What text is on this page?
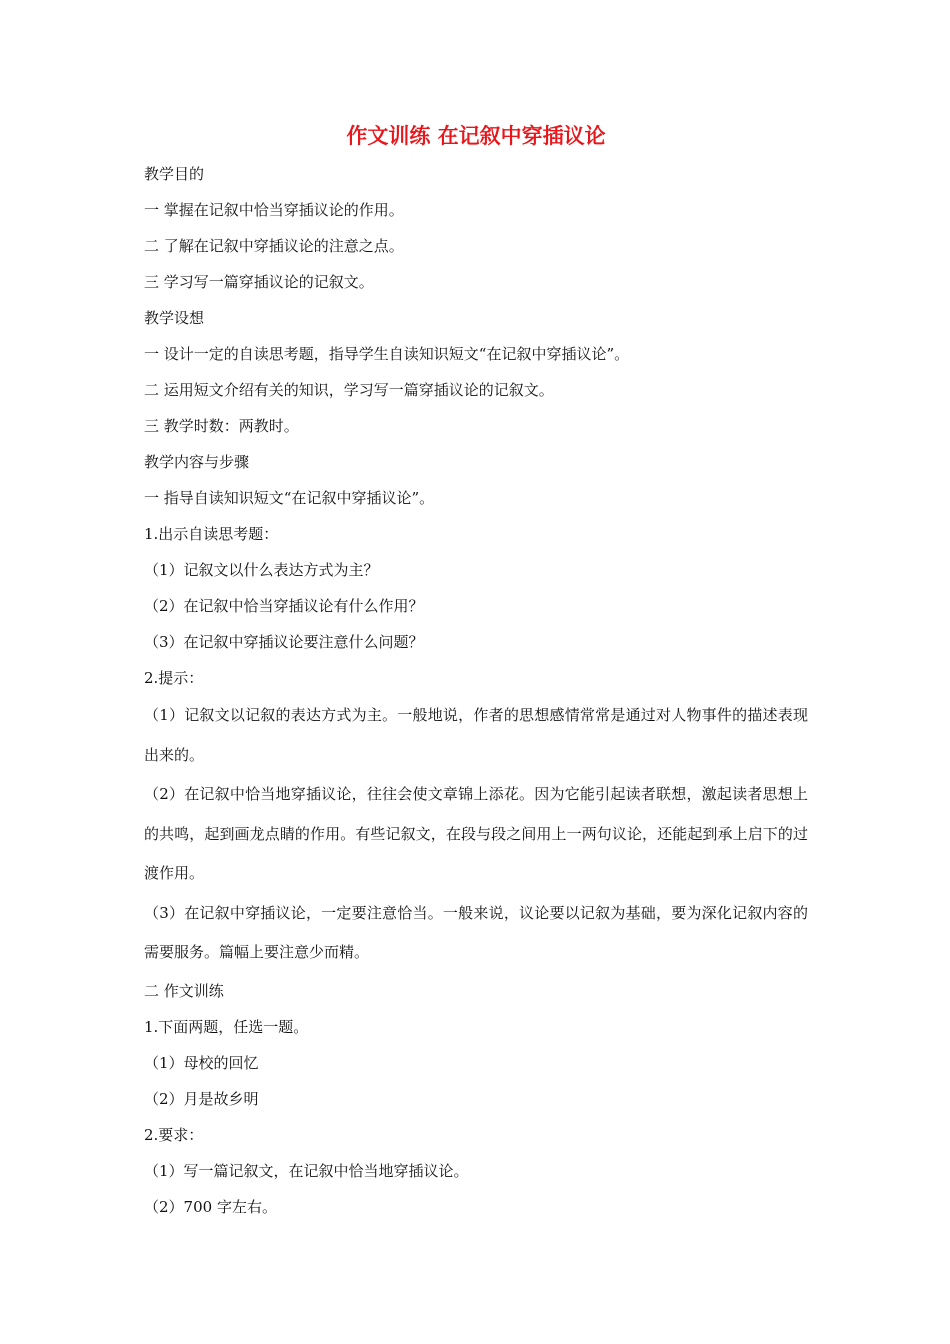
作文训练 在记叙中穿插议论

教学目的

一 掌握在记叙中恰当穿插议论的作用。

二 了解在记叙中穿插议论的注意之点。

三 学习写一篇穿插议论的记叙文。

教学设想

一 设计一定的自读思考题，指导学生自读知识短文“在记叙中穿插议论”。

二 运用短文介绍有关的知识，学习写一篇穿插议论的记叙文。

三 教学时数：两教时。

教学内容与步骤

一 指导自读知识短文“在记叙中穿插议论”。

1.出示自读思考题：

（1）记叙文以什么表达方式为主？

（2）在记叙中恰当穿插议论有什么作用？

（3）在记叙中穿插议论要注意什么问题？

2.提示：

（1）记叙文以记叙的表达方式为主。一般地说，作者的思想感情常常是通过对人物事件的描述表现出来的。

（2）在记叙中恰当地穿插议论，往往会使文章锦上添花。因为它能引起读者联想，激起读者思想上的共鸣，起到画龙点睛的作用。有些记叙文，在段与段之间用上一两句议论，还能起到承上启下的过渡作用。

（3）在记叙中穿插议论，一定要注意恰当。一般来说，议论要以记叙为基础，要为深化记叙内容的需要服务。篇幅上要注意少而精。

二 作文训练

1.下面两题，任选一题。

（1）母校的回忆

（2）月是故乡明

2.要求：

（1）写一篇记叙文，在记叙中恰当地穿插议论。

（2）700 字左右。
